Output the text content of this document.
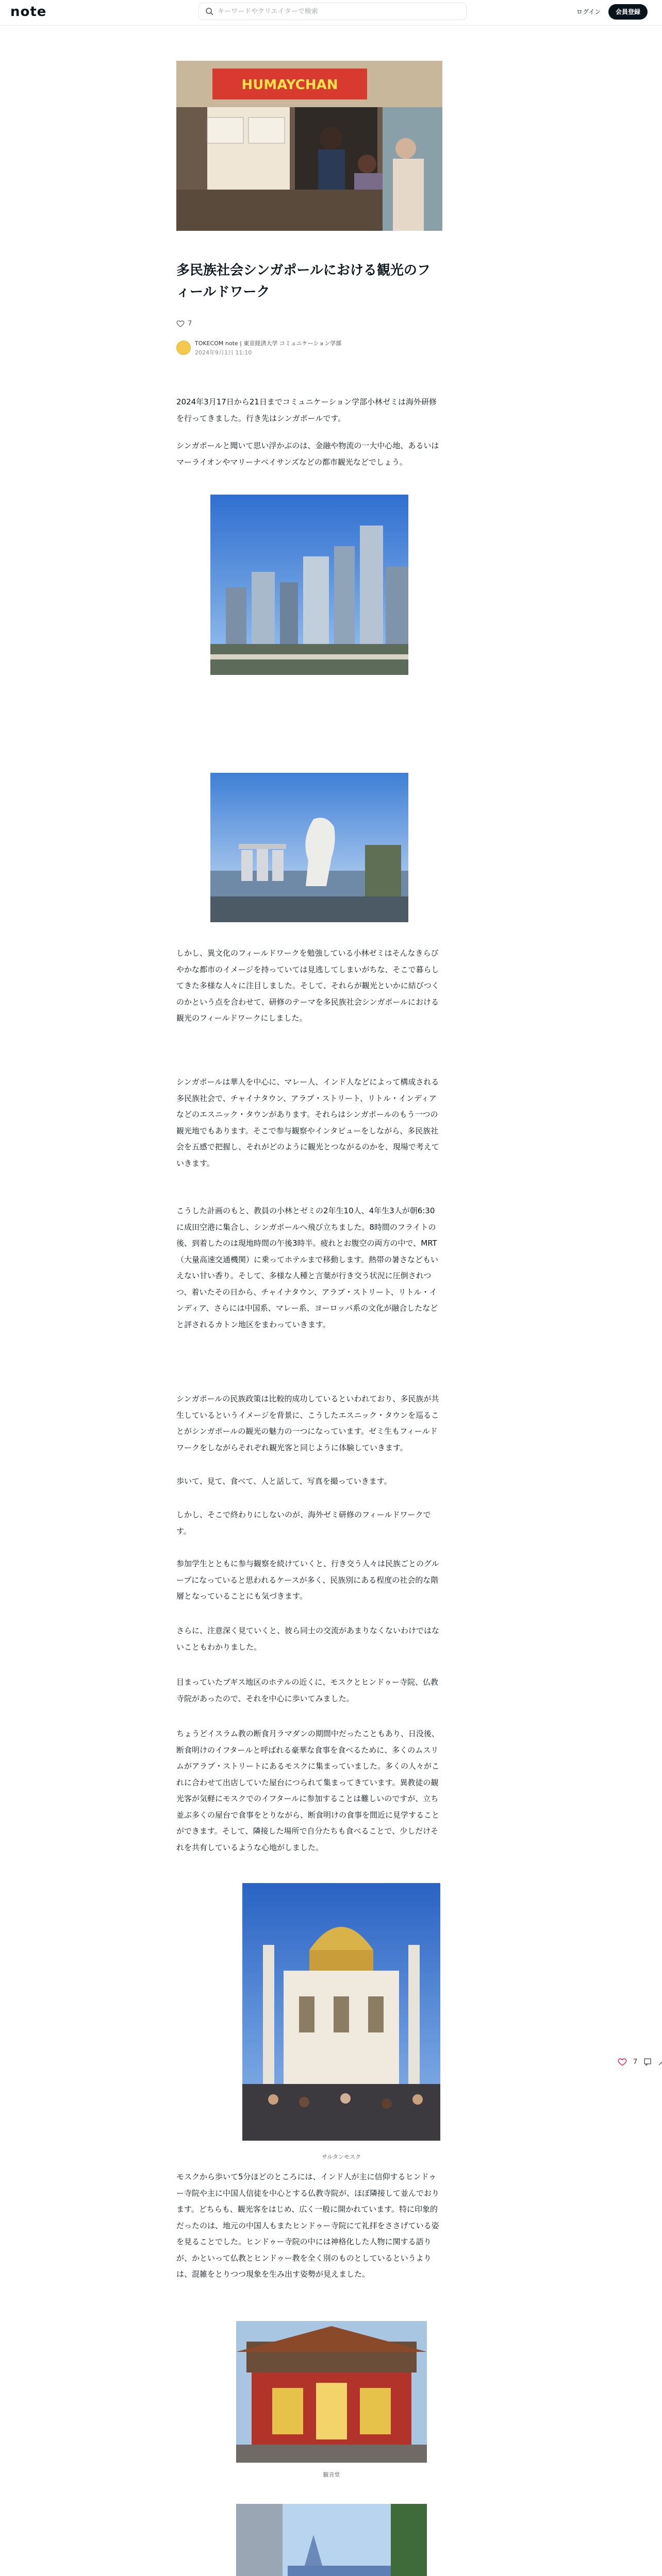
note
キーワードやクリエイターで検索	ログイン	会員登録
HUMAYCHAN
多民族社会シンガポールにおける観光のフィールドワーク
7
TOKECOM note | 東京経済大学 コミュニケーション学部
2024年9月1日 11:10
2024年3月17日から21日までコミュニケーション学部小林ゼミは海外研修を行ってきました。行き先はシンガポールです。
シンガポールと聞いて思い浮かぶのは、金融や物流の一大中心地、あるいはマーライオンやマリーナベイサンズなどの都市観光などでしょう。
しかし、異文化のフィールドワークを勉強している小林ゼミはそんなきらびやかな都市のイメージを持っていては見逃してしまいがちな、そこで暮らしてきた多様な人々に注目しました。そして、それらが観光といかに結びつくのかという点を合わせて、研修のテーマを多民族社会シンガポールにおける観光のフィールドワークにしました。
シンガポールは華人を中心に、マレー人、インド人などによって構成される多民族社会で、チャイナタウン、アラブ・ストリート、リトル・インディアなどのエスニック・タウンがあります。それらはシンガポールのもう一つの観光地でもあります。そこで参与観察やインタビューをしながら、多民族社会を五感で把握し、それがどのように観光とつながるのかを、現場で考えていきます。
こうした計画のもと、教員の小林とゼミの2年生10人、4年生3人が朝6:30に成田空港に集合し、シンガポールへ飛び立ちました。8時間のフライトの後、到着したのは現地時間の午後3時半。疲れとお腹空の両方の中で、MRT（大量高速交通機関）に乗ってホテルまで移動します。熱帯の暑さなどもいえない甘い香り。そして、多様な人種と言葉が行き交う状況に圧倒されつつ、着いたその日から、チャイナタウン、アラブ・ストリート、リトル・インディア、さらには中国系、マレー系、ヨーロッパ系の文化が融合したなどと評されるカトン地区をまわっていきます。
シンガポールの民族政策は比較的成功しているといわれており、多民族が共生しているというイメージを背景に、こうしたエスニック・タウンを巡ることがシンガポールの観光の魅力の一つになっています。ゼミ生もフィールドワークをしながらそれぞれ観光客と同じように体験していきます。
歩いて、見て、食べて、人と話して、写真を撮っていきます。
しかし、そこで終わりにしないのが、海外ゼミ研修のフィールドワークです。
参加学生とともに参与観察を続けていくと、行き交う人々は民族ごとのグループになっていると思われるケースが多く、民族別にある程度の社会的な階層となっていることにも気づきます。
さらに、注意深く見ていくと、彼ら同士の交流があまりなくないわけではないこともわかりました。
目まっていたブギス地区のホテルの近くに、モスクとヒンドゥー寺院、仏教寺院があったので、それを中心に歩いてみました。
ちょうどイスラム教の断食月ラマダンの期間中だったこともあり、日没後、断食明けのイフタールと呼ばれる豪華な食事を食べるために、多くのムスリムがアラブ・ストリートにあるモスクに集まっていました。多くの人々がこれに合わせて出店していた屋台につられて集まってきています。異教徒の観光客が気軽にモスクでのイフタールに参加することは難しいのですが、立ち並ぶ多くの屋台で食事をとりながら、断食明けの食事を間近に見学することができます。そして、隣接した場所で自分たちも食べることで、少しだけそれを共有しているような心地がしました。
サルタンモスク
7
モスクから歩いて5分ほどのところには、インド人が主に信仰するヒンドゥー寺院や主に中国人信徒を中心とする仏教寺院が、ほぼ隣接して並んでおります。どちらも、観光客をはじめ、広く一般に開かれています。特に印象的だったのは、地元の中国人もまたヒンドゥー寺院にて礼拝をささげている姿を見ることでした。ヒンドゥー寺院の中には神格化した人物に関する語りが、かといって仏教とヒンドゥー教を全く別のものとしているというよりは、混雑をとりつつ現象を生み出す姿勢が見えました。
観音堂
